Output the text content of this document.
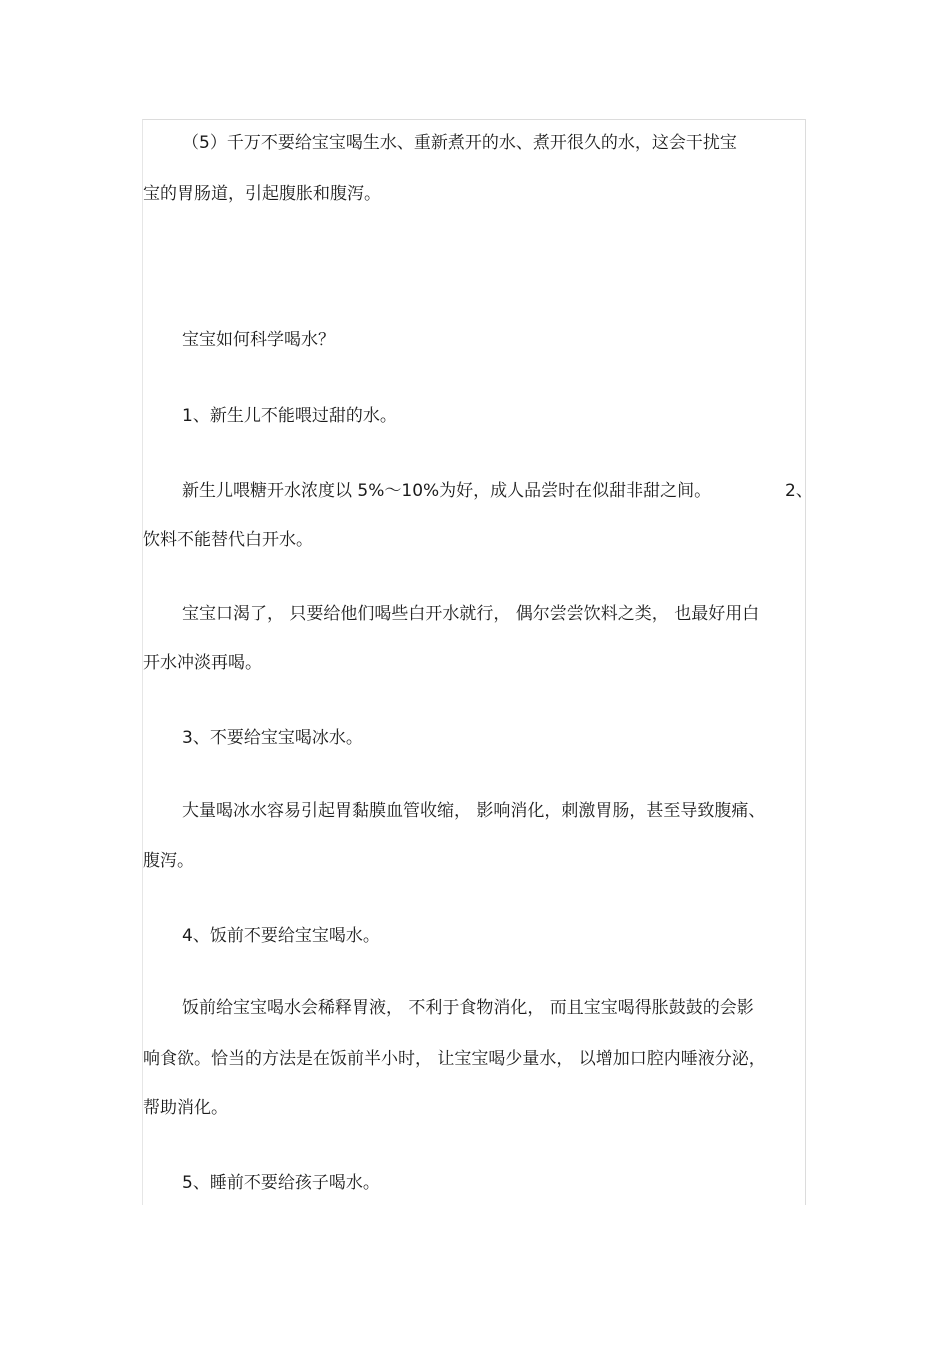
（5）千万不要给宝宝喝生水、重新煮开的水、煮开很久的水，这会干扰宝
宝的胃肠道，引起腹胀和腹泻。
宝宝如何科学喝水？
1、新生儿不能喂过甜的水。
新生儿喂糖开水浓度以 5%～10%为好，成人品尝时在似甜非甜之间。	2、
饮料不能替代白开水。
宝宝口渴了， 只要给他们喝些白开水就行， 偶尔尝尝饮料之类， 也最好用白
开水冲淡再喝。
3、不要给宝宝喝冰水。
大量喝冰水容易引起胃黏膜血管收缩， 影响消化，刺激胃肠，甚至导致腹痛、
腹泻。
4、饭前不要给宝宝喝水。
饭前给宝宝喝水会稀释胃液， 不利于食物消化， 而且宝宝喝得胀鼓鼓的会影
响食欲。恰当的方法是在饭前半小时， 让宝宝喝少量水， 以增加口腔内唾液分泌，
帮助消化。
5、睡前不要给孩子喝水。
